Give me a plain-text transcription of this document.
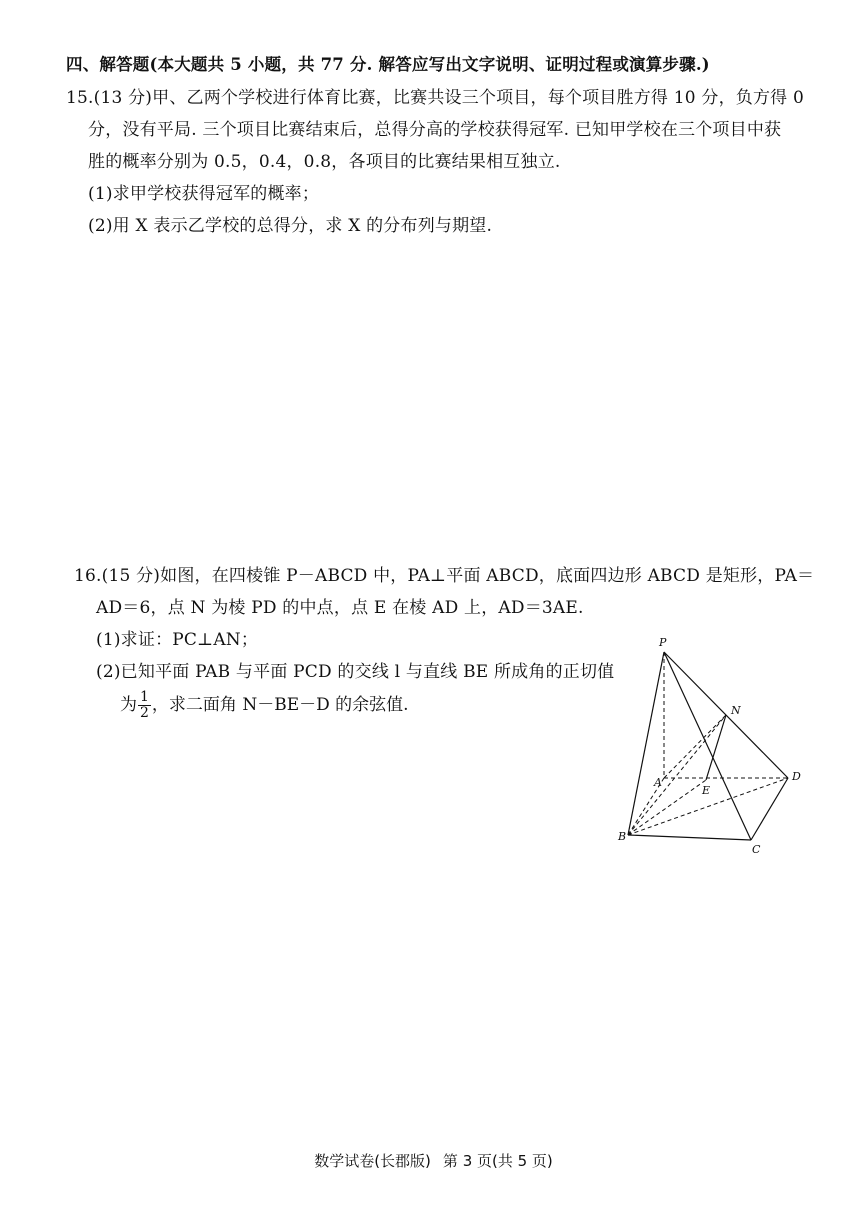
四、解答题(本大题共 5 小题，共 77 分. 解答应写出文字说明、证明过程或演算步骤.)
15.(13 分)甲、乙两个学校进行体育比赛，比赛共设三个项目，每个项目胜方得 10 分，负方得 0
分，没有平局. 三个项目比赛结束后，总得分高的学校获得冠军. 已知甲学校在三个项目中获
胜的概率分别为 0.5，0.4，0.8，各项目的比赛结果相互独立.
(1)求甲学校获得冠军的概率；
(2)用 X 表示乙学校的总得分，求 X 的分布列与期望.
16.(15 分)如图，在四棱锥 P－ABCD 中，PA⊥平面 ABCD，底面四边形 ABCD 是矩形，PA＝
AD＝6，点 N 为棱 PD 的中点，点 E 在棱 AD 上，AD＝3AE.
(1)求证：PC⊥AN；
(2)已知平面 PAB 与平面 PCD 的交线 l 与直线 BE 所成角的正切值
为 $\frac{1}{2}$ ，求二面角 N－BE－D 的余弦值.
P
N
A
E
D
B
C
数学试卷(长郡版) 第 3 页(共 5 页)
